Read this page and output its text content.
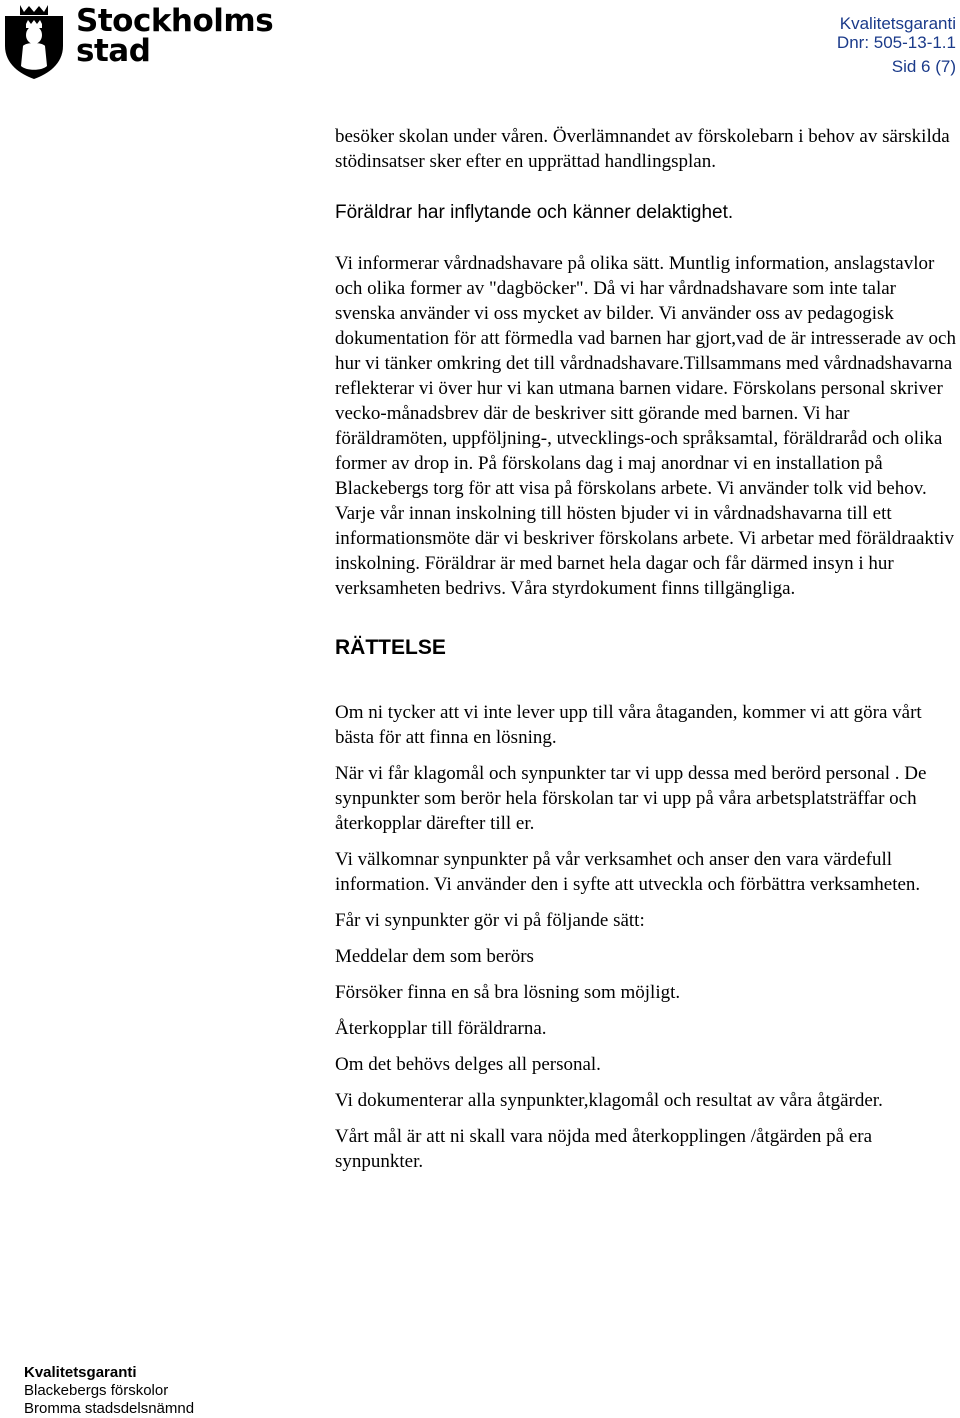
Stockholms
stad
Kvalitetsgaranti
Dnr: 505-13-1.1
Sid 6 (7)

besöker skolan under våren. Överlämnandet av förskolebarn i behov av särskilda stödinsatser sker efter en upprättad handlingsplan.

Föräldrar har inflytande och känner delaktighet.

Vi informerar vårdnadshavare på olika sätt. Muntlig information, anslagstavlor och olika former av "dagböcker". Då vi har vårdnadshavare som inte talar svenska använder vi oss mycket av bilder. Vi använder oss av pedagogisk dokumentation för att förmedla vad barnen har gjort,vad de är intresserade av och hur vi tänker omkring det till vårdnadshavare.Tillsammans med vårdnadshavarna reflekterar vi över hur vi kan utmana barnen vidare. Förskolans personal skriver vecko-månadsbrev där de beskriver sitt görande med barnen. Vi har föräldramöten, uppföljning-, utvecklings-och språksamtal, föräldraråd och olika former av drop in. På förskolans dag i maj anordnar vi en installation på Blackebergs torg för att visa på förskolans arbete. Vi använder tolk vid behov. Varje vår innan inskolning till hösten bjuder vi in vårdnadshavarna till ett informationsmöte där vi beskriver förskolans arbete. Vi arbetar med föräldraaktiv inskolning. Föräldrar är med barnet hela dagar och får därmed insyn i hur verksamheten bedrivs. Våra styrdokument finns tillgängliga.

RÄTTELSE

Om ni tycker att vi inte lever upp till våra åtaganden, kommer vi att göra vårt bästa för att finna en lösning.

När vi får klagomål och synpunkter tar vi upp dessa med berörd personal . De synpunkter som berör hela förskolan tar vi upp på våra arbetsplatsträffar och återkopplar därefter till er.

Vi välkomnar synpunkter på vår verksamhet och anser den vara värdefull information. Vi använder den i syfte att utveckla och förbättra verksamheten.

Får vi synpunkter gör vi på följande sätt:

Meddelar dem som berörs

Försöker finna en så bra lösning som möjligt.

Återkopplar till föräldrarna.

Om det behövs delges all personal.

Vi dokumenterar alla synpunkter,klagomål och resultat av våra åtgärder.

Vårt mål är att ni skall vara nöjda med återkopplingen /åtgärden på era synpunkter.

Kvalitetsgaranti
Blackebergs förskolor
Bromma stadsdelsnämnd
